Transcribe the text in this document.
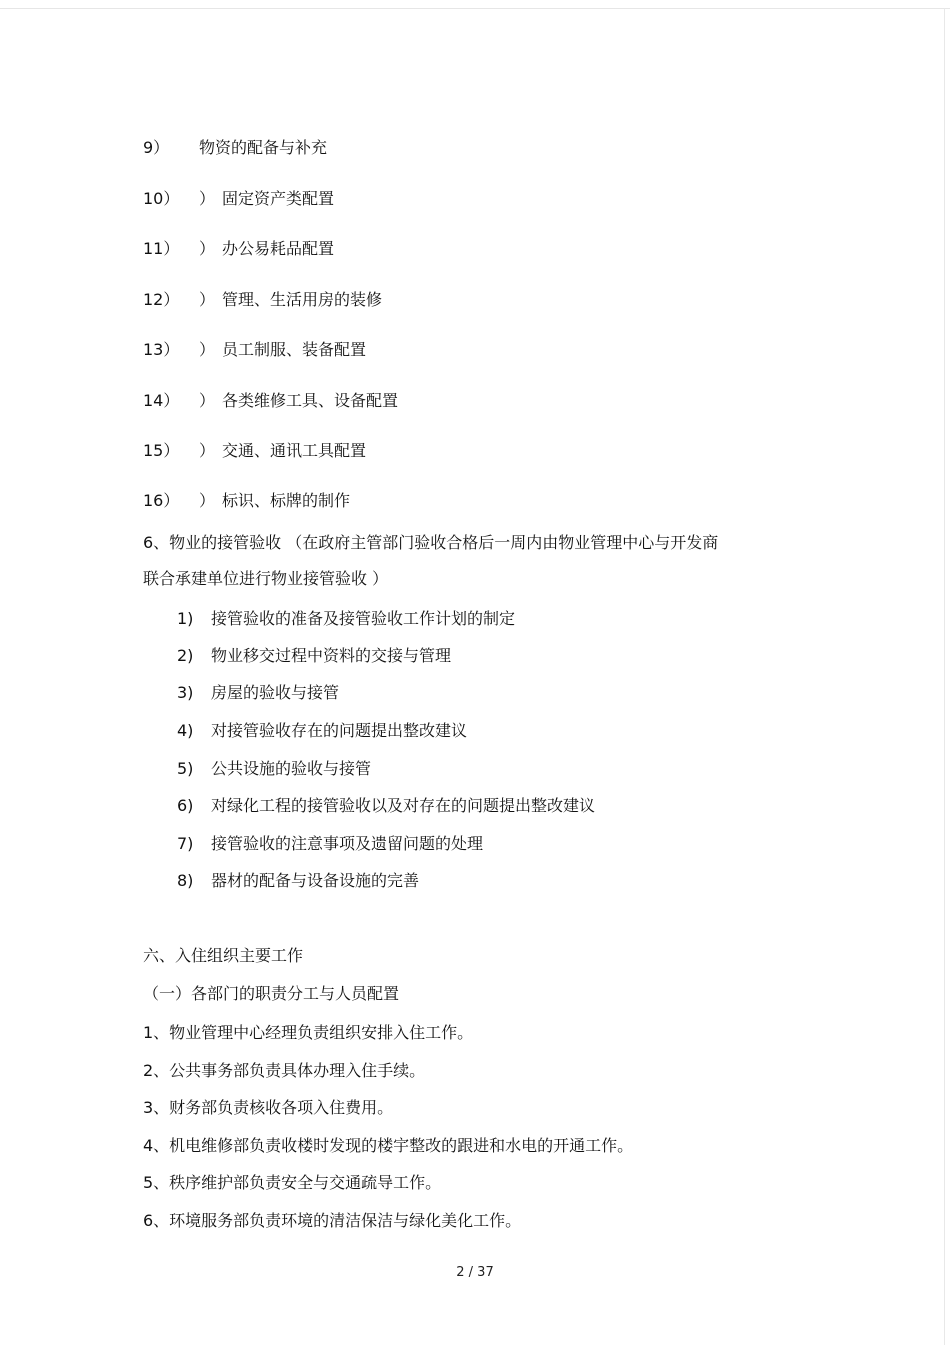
9） 物资的配备与补充
10） ） 固定资产类配置
11） ） 办公易耗品配置
12） ） 管理、生活用房的装修
13） ） 员工制服、装备配置
14） ） 各类维修工具、设备配置
15） ） 交通、通讯工具配置
16） ） 标识、标牌的制作
6、物业的接管验收 （在政府主管部门验收合格后一周内由物业管理中心与开发商
联合承建单位进行物业接管验收 ）
1) 接管验收的准备及接管验收工作计划的制定
2) 物业移交过程中资料的交接与管理
3) 房屋的验收与接管
4) 对接管验收存在的问题提出整改建议
5) 公共设施的验收与接管
6) 对绿化工程的接管验收以及对存在的问题提出整改建议
7) 接管验收的注意事项及遗留问题的处理
8) 器材的配备与设备设施的完善
六、入住组织主要工作
（一）各部门的职责分工与人员配置
1、物业管理中心经理负责组织安排入住工作。
2、公共事务部负责具体办理入住手续。
3、财务部负责核收各项入住费用。
4、机电维修部负责收楼时发现的楼宇整改的跟进和水电的开通工作。
5、秩序维护部负责安全与交通疏导工作。
6、环境服务部负责环境的清洁保洁与绿化美化工作。
2 / 37
